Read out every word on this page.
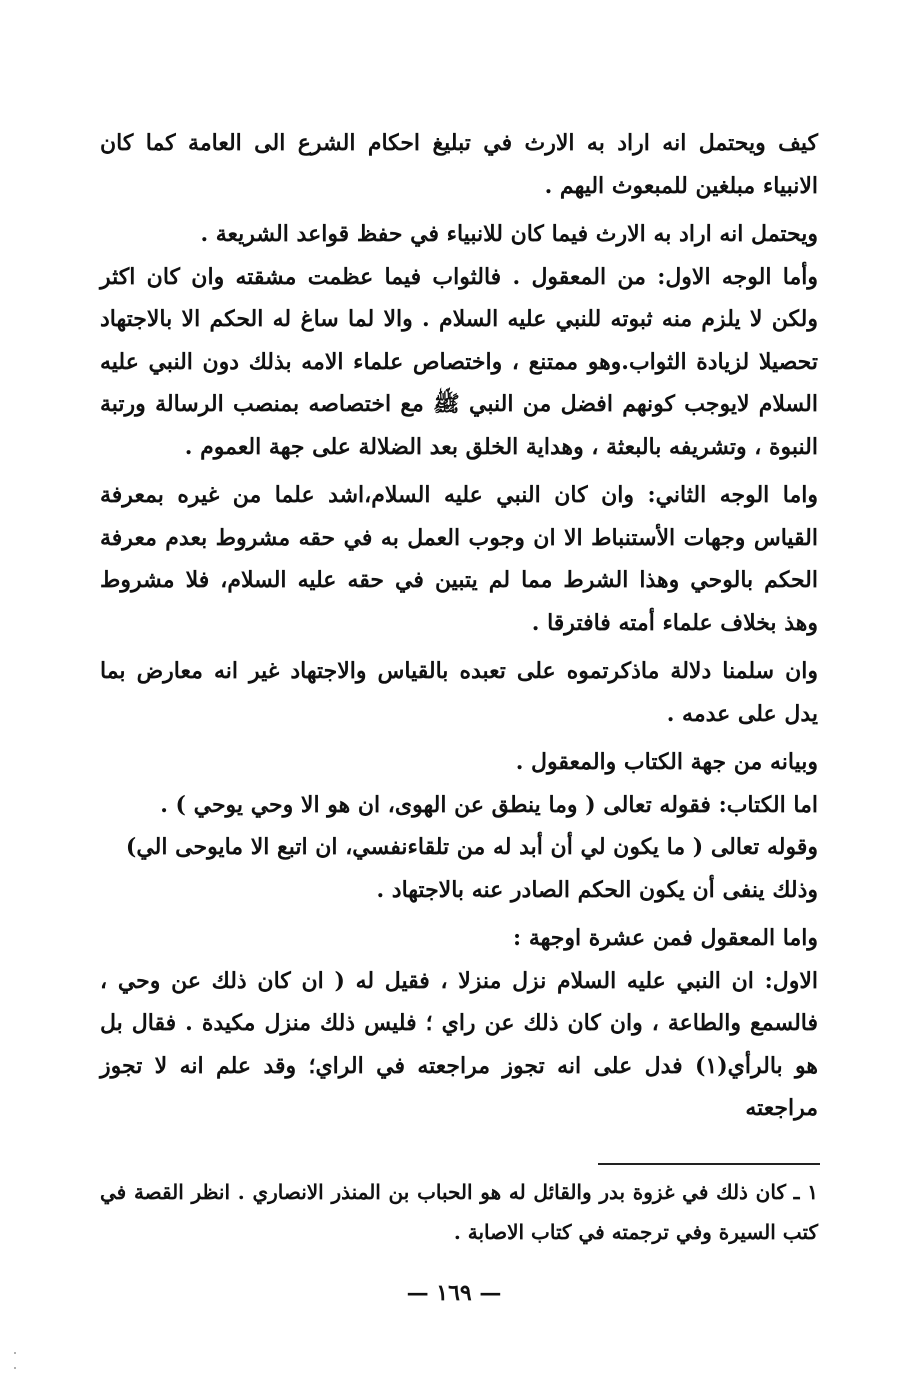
كيف ويحتمل انه اراد به الارث في تبليغ احكام الشرع الى العامة كما كان الانبياء مبلغين للمبعوث اليهم .

ويحتمل انه اراد به الارث فيما كان للانبياء في حفظ قواعد الشريعة .

وأما الوجه الاول: من المعقول . فالثواب فيما عظمت مشقته وان كان اكثر ولكن لا يلزم منه ثبوته للنبي عليه السلام . والا لما ساغ له الحكم الا بالاجتهاد تحصيلا لزيادة الثواب.وهو ممتنع ، واختصاص علماء الامه بذلك دون النبي عليه السلام لايوجب كونهم افضل من النبي ﷺ مع اختصاصه بمنصب الرسالة ورتبة النبوة ، وتشريفه بالبعثة ، وهداية الخلق بعد الضلالة على جهة العموم .

واما الوجه الثاني: وان كان النبي عليه السلام،اشد علما من غيره بمعرفة القياس وجهات الأستنباط الا ان وجوب العمل به في حقه مشروط بعدم معرفة الحكم بالوحي وهذا الشرط مما لم يتبين في حقه عليه السلام، فلا مشروط وهذ بخلاف علماء أمته فافترقا .

وان سلمنا دلالة ماذكرتموه على تعبده بالقياس والاجتهاد غير انه معارض بما يدل على عدمه .

وبيانه من جهة الكتاب والمعقول .

اما الكتاب: فقوله تعالى ( وما ينطق عن الهوى، ان هو الا وحي يوحي ) .

وقوله تعالى ( ما يكون لي أن أبد له من تلقاءنفسي، ان اتبع الا مايوحى الي)

وذلك ينفى أن يكون الحكم الصادر عنه بالاجتهاد .

واما المعقول فمن عشرة اوجهة :

الاول: ان النبي عليه السلام نزل منزلا ، فقيل له ( ان كان ذلك عن وحي ، فالسمع والطاعة ، وان كان ذلك عن راي ؛ فليس ذلك منزل مكيدة . فقال بل هو بالرأي(١) فدل على انه تجوز مراجعته في الراي؛ وقد علم انه لا تجوز مراجعته

١ ـ كان ذلك في غزوة بدر والقائل له هو الحباب بن المنذر الانصاري . انظر القصة في كتب السيرة وفي ترجمته في كتاب الاصابة .
— ١٦٩ —
